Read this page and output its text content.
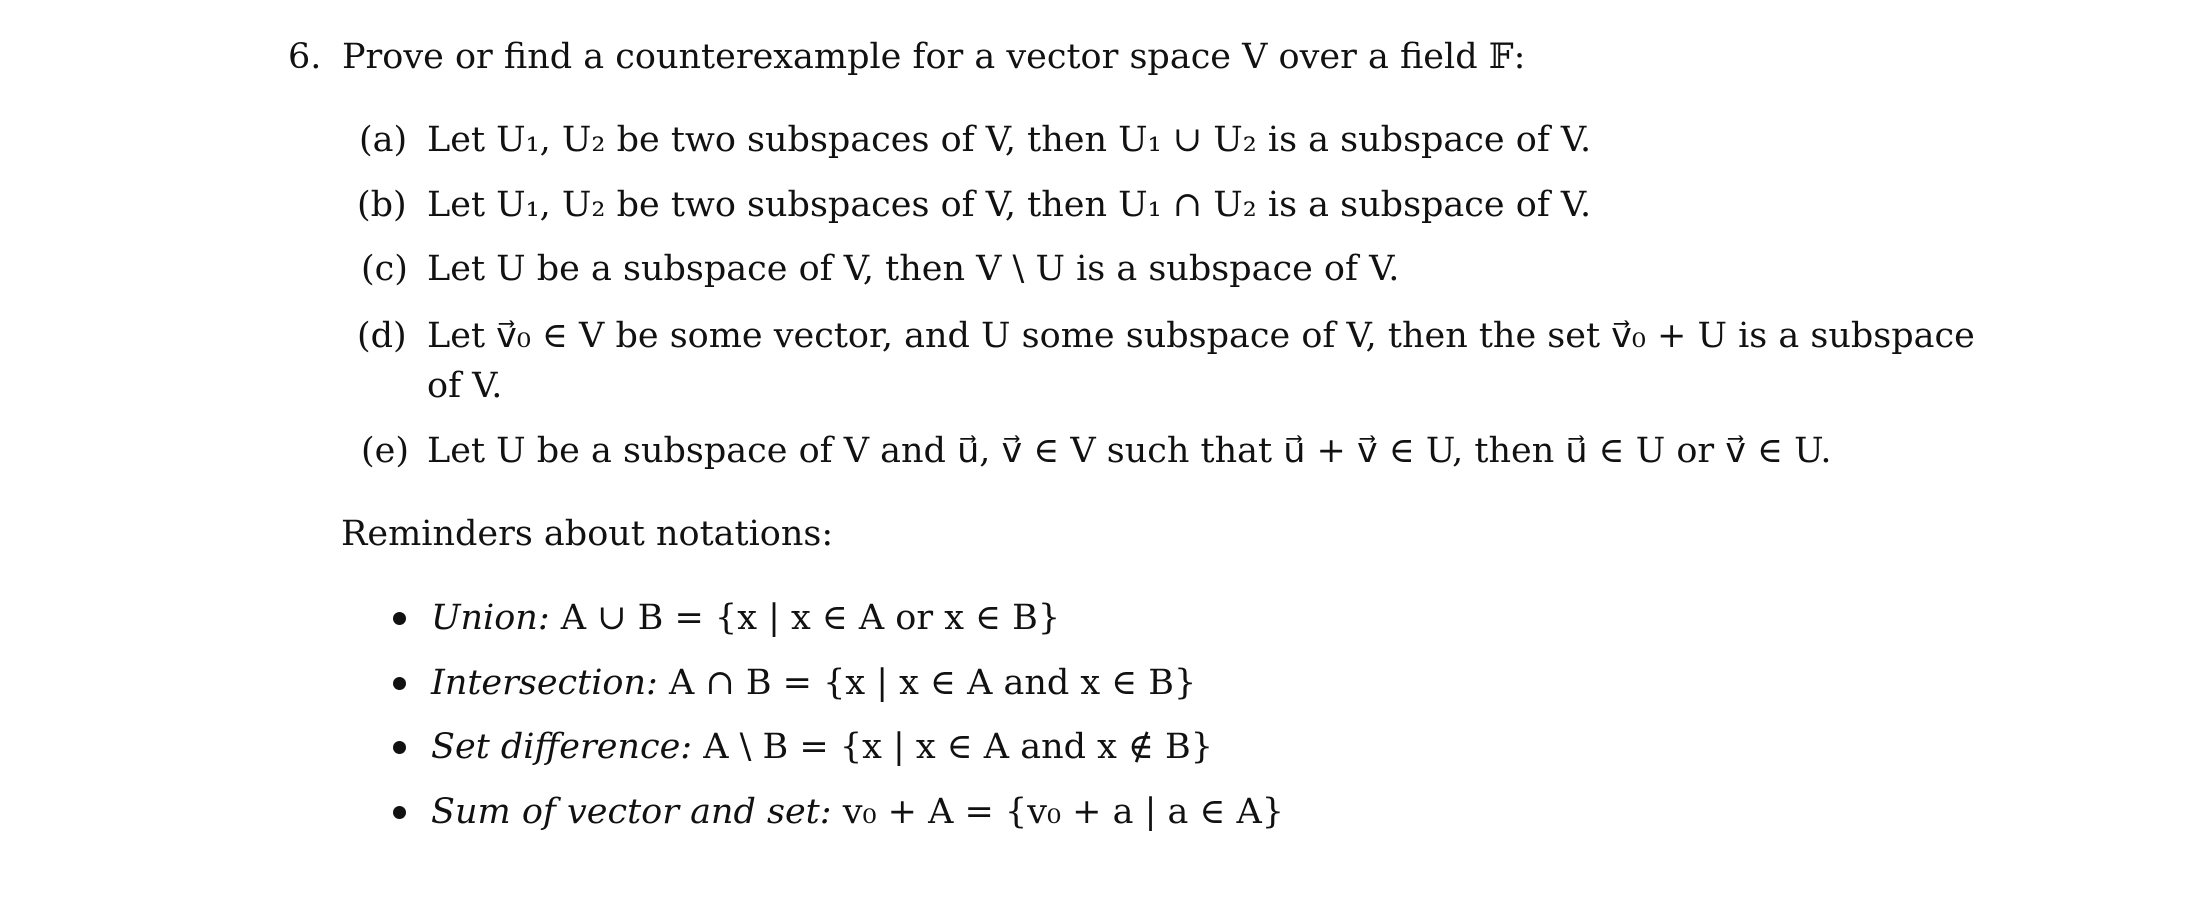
6. Prove or find a counterexample for a vector space V over a field 𝔽:
(a) Let U₁, U₂ be two subspaces of V, then U₁ ∪ U₂ is a subspace of V.
(b) Let U₁, U₂ be two subspaces of V, then U₁ ∩ U₂ is a subspace of V.
(c) Let U be a subspace of V, then V \ U is a subspace of V.
(d) Let v⃗₀ ∈ V be some vector, and U some subspace of V, then the set v⃗₀ + U is a subspace
of V.
(e) Let U be a subspace of V and u⃗, v⃗ ∈ V such that u⃗ + v⃗ ∈ U, then u⃗ ∈ U or v⃗ ∈ U.
Reminders about notations:
Union: A ∪ B = {x | x ∈ A or x ∈ B}
Intersection: A ∩ B = {x | x ∈ A and x ∈ B}
Set difference: A \ B = {x | x ∈ A and x ∉ B}
Sum of vector and set: v₀ + A = {v₀ + a | a ∈ A}
